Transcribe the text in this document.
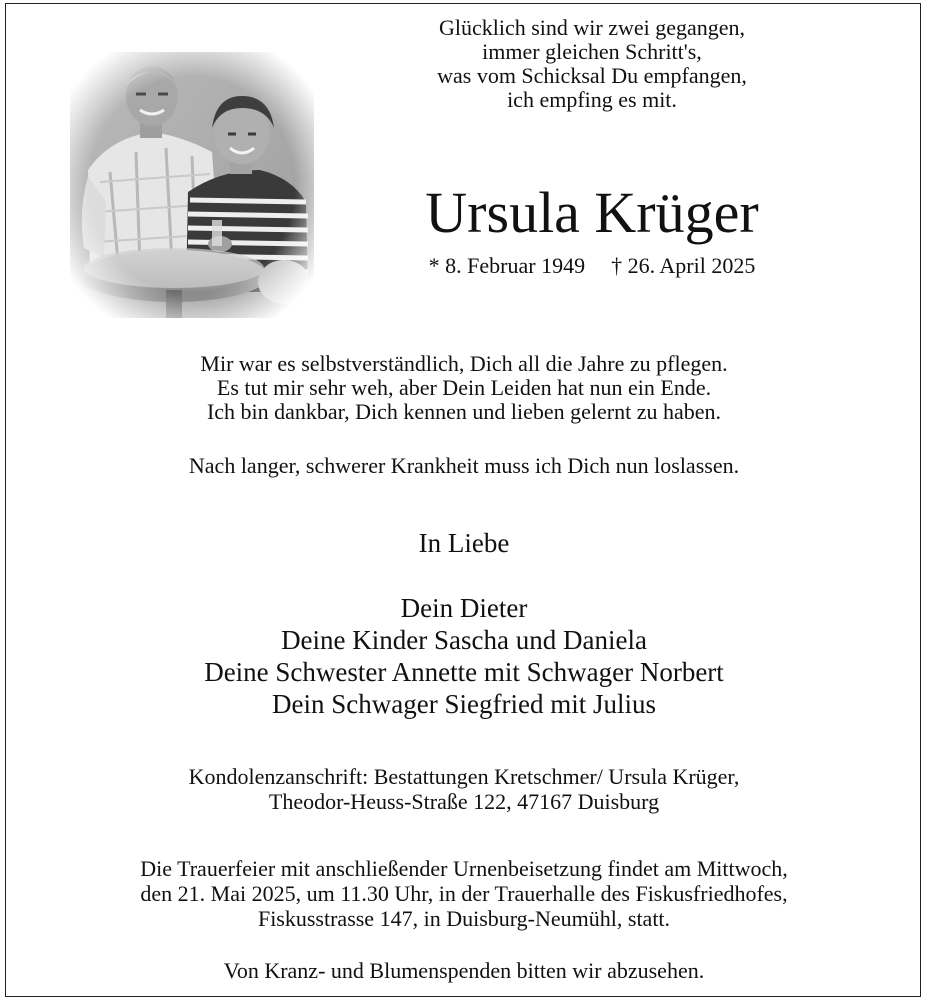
Glücklich sind wir zwei gegangen,
immer gleichen Schritt's,
was vom Schicksal Du empfangen,
ich empfing es mit.
Ursula Krüger
* 8. Februar 1949 † 26. April 2025
Mir war es selbstverständlich, Dich all die Jahre zu pflegen.
Es tut mir sehr weh, aber Dein Leiden hat nun ein Ende.
Ich bin dankbar, Dich kennen und lieben gelernt zu haben.
Nach langer, schwerer Krankheit muss ich Dich nun loslassen.
In Liebe
Dein Dieter
Deine Kinder Sascha und Daniela
Deine Schwester Annette mit Schwager Norbert
Dein Schwager Siegfried mit Julius
Kondolenzanschrift: Bestattungen Kretschmer/ Ursula Krüger,
Theodor-Heuss-Straße 122, 47167 Duisburg
Die Trauerfeier mit anschließender Urnenbeisetzung findet am Mittwoch,
den 21. Mai 2025, um 11.30 Uhr, in der Trauerhalle des Fiskusfriedhofes,
Fiskusstrasse 147, in Duisburg-Neumühl, statt.
Von Kranz- und Blumenspenden bitten wir abzusehen.
